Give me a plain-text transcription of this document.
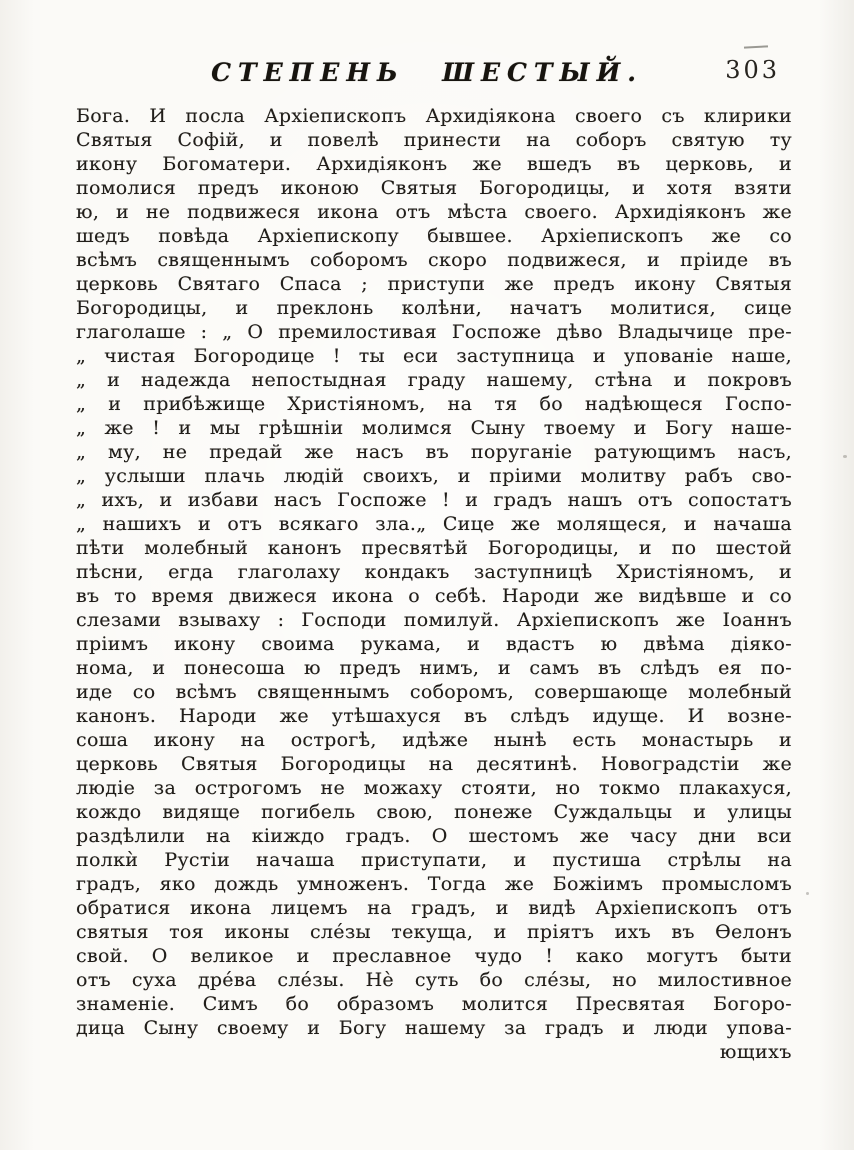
СТЕПЕНЬ ШЕСТЫЙ.	303
Бога. И посла Архіепископъ Архидіякона своего съ клирики
Святыя Софій, и повелѣ принести на соборъ святую ту
икону Богоматери. Архидіяконъ же вшедъ въ церковь, и
помолися предъ иконою Святыя Богородицы, и хотя взяти
ю, и не подвижеся икона отъ мѣста своего. Архидіяконъ же
шедъ повѣда Архіепископу бывшее. Архіепископъ же со
всѣмъ священнымъ соборомъ скоро подвижеся, и пріиде въ
церковь Святаго Спаса ; приступи же предъ икону Святыя
Богородицы, и преклонь колѣни, начатъ молитися, сице
глаголаше : „ О премилостивая Госпоже дѣво Владычице пре-
„ чистая Богородице ! ты еси заступница и упованіе наше,
„ и надежда непостыдная граду нашему, стѣна и покровъ
„ и прибѣжище Христіяномъ, на тя бо надѣющеся Госпо-
„ же ! и мы грѣшніи молимся Сыну твоему и Богу наше-
„ му, не предай же насъ въ поруганіе ратующимъ насъ,
„ услыши плачь людій своихъ, и пріими молитву рабъ сво-
„ ихъ, и избави насъ Госпоже ! и градъ нашъ отъ сопостатъ
„ нашихъ и отъ всякаго зла.„ Сице же молящеся, и начаша
пѣти молебный канонъ пресвятѣй Богородицы, и по шестой
пѣсни, егда глаголаху кондакъ заступницѣ Христіяномъ, и
въ то время движеся икона о себѣ. Народи же видѣвше и со
слезами взываху : Господи помилуй. Архіепископъ же Іоаннъ
пріимъ икону своима рукама, и вдастъ ю двѣма діяко-
нома, и понесоша ю предъ нимъ, и самъ въ слѣдъ ея по-
иде со всѣмъ священнымъ соборомъ, совершающе молебный
канонъ. Народи же утѣшахуся въ слѣдъ идуще. И возне-
соша икону на острогѣ, идѣже нынѣ есть монастырь и
церковь Святыя Богородицы на десятинѣ. Новоградстіи же
людіе за острогомъ не можаху стояти, но токмо плакахуся,
кождо видяще погибель свою, понеже Суждальцы и улицы
раздѣлили на кіиждо градъ. О шестомъ же часу дни вси
полкѝ Рустіи начаша приступати, и пустиша стрѣлы на
градъ, яко дождь умноженъ. Тогда же Божіимъ промысломъ
обратися икона лицемъ на градъ, и видѣ Архіепископъ отъ
святыя тоя иконы сле́зы текуща, и пріятъ ихъ въ Ѳелонъ
свой. О великое и преславное чудо ! како могутъ быти
отъ суха дре́ва сле́зы. Нѐ суть бо сле́зы, но милостивное
знаменіе. Симъ бо образомъ молится Пресвятая Богоро-
дица Сыну своему и Богу нашему за градъ и люди упова-
ющихъ
